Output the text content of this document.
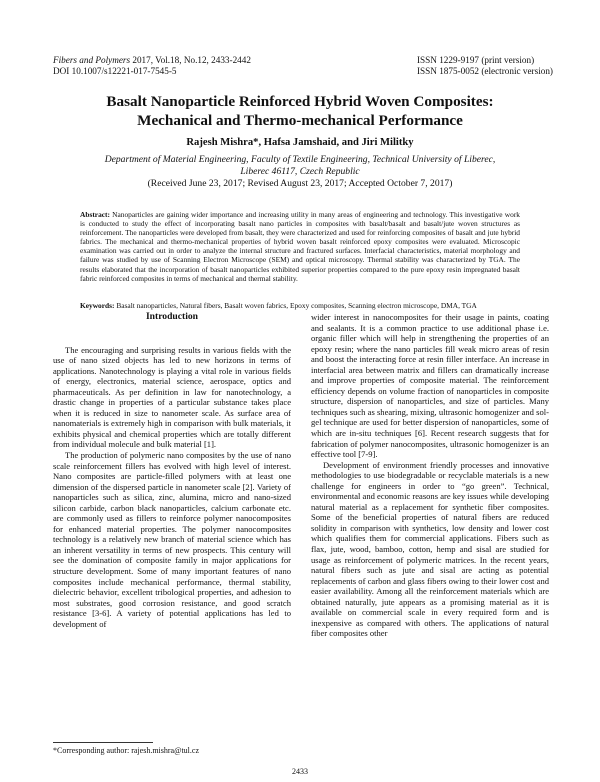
Fibers and Polymers 2017, Vol.18, No.12, 2433-2442
DOI 10.1007/s12221-017-7545-5
ISSN 1229-9197 (print version)
ISSN 1875-0052 (electronic version)
Basalt Nanoparticle Reinforced Hybrid Woven Composites:
Mechanical and Thermo-mechanical Performance
Rajesh Mishra*, Hafsa Jamshaid, and Jiri Militky
Department of Material Engineering, Faculty of Textile Engineering, Technical University of Liberec,
Liberec 46117, Czech Republic
(Received June 23, 2017; Revised August 23, 2017; Accepted October 7, 2017)
Abstract: Nanoparticles are gaining wider importance and increasing utility in many areas of engineering and technology. This investigative work is conducted to study the effect of incorporating basalt nano particles in composites with basalt/basalt and basalt/jute woven structures as reinforcement. The nanoparticles were developed from basalt, they were characterized and used for reinforcing composites of basalt and jute hybrid fabrics. The mechanical and thermo-mechanical properties of hybrid woven basalt reinforced epoxy composites were evaluated. Microscopic examination was carried out in order to analyze the internal structure and fractured surfaces. Interfacial characteristics, material morphology and failure was studied by use of Scanning Electron Microscope (SEM) and optical microscopy. Thermal stability was characterized by TGA. The results elaborated that the incorporation of basalt nanoparticles exhibited superior properties compared to the pure epoxy resin impregnated basalt fabric reinforced composites in terms of mechanical and thermal stability.
Keywords: Basalt nanoparticles, Natural fibers, Basalt woven fabrics, Epoxy composites, Scanning electron microscope, DMA, TGA
Introduction

The encouraging and surprising results in various fields with the use of nano sized objects has led to new horizons in terms of applications. Nanotechnology is playing a vital role in various fields of energy, electronics, material science, aerospace, optics and pharmaceuticals. As per definition in law for nanotechnology, a drastic change in properties of a particular substance takes place when it is reduced in size to nanometer scale. As surface area of nanomaterials is extremely high in comparison with bulk materials, it exhibits physical and chemical properties which are totally different from individual molecule and bulk material [1].

The production of polymeric nano composites by the use of nano scale reinforcement fillers has evolved with high level of interest. Nano composites are particle-filled polymers with at least one dimension of the dispersed particle in nanometer scale [2]. Variety of nanoparticles such as silica, zinc, alumina, micro and nano-sized silicon carbide, carbon black nanoparticles, calcium carbonate etc. are commonly used as fillers to reinforce polymer nanocomposites for enhanced material properties. The polymer nanocomposites technology is a relatively new branch of material science which has an inherent versatility in terms of new prospects. This century will see the domination of composite family in major applications for structure development. Some of many important features of nano composites include mechanical performance, thermal stability, dielectric behavior, excellent tribological properties, and adhesion to most substrates, good corrosion resistance, and good scratch resistance [3-6]. A variety of potential applications has led to development of

wider interest in nanocomposites for their usage in paints, coating and sealants. It is a common practice to use additional phase i.e. organic filler which will help in strengthening the properties of an epoxy resin; where the nano particles fill weak micro areas of resin and boost the interacting force at resin filler interface. An increase in interfacial area between matrix and fillers can dramatically increase and improve properties of composite material. The reinforcement efficiency depends on volume fraction of nanoparticles in composite structure, dispersion of nanoparticles, and size of particles. Many techniques such as shearing, mixing, ultrasonic homogenizer and sol-gel technique are used for better dispersion of nanoparticles, some of which are in-situ techniques [6]. Recent research suggests that for fabrication of polymer nanocomposites, ultrasonic homogenizer is an effective tool [7-9].

Development of environment friendly processes and innovative methodologies to use biodegradable or recyclable materials is a new challenge for engineers in order to “go green”. Technical, environmental and economic reasons are key issues while developing natural material as a replacement for synthetic fiber composites. Some of the beneficial properties of natural fibers are reduced solidity in comparison with synthetics, low density and lower cost which qualifies them for commercial applications. Fibers such as flax, jute, wood, bamboo, cotton, hemp and sisal are studied for usage as reinforcement of polymeric matrices. In the recent years, natural fibers such as jute and sisal are acting as potential replacements of carbon and glass fibers owing to their lower cost and easier availability. Among all the reinforcement materials which are obtained naturally, jute appears as a promising material as it is available on commercial scale in every required form and is inexpensive as compared with others. The applications of natural fiber composites other

*Corresponding author: rajesh.mishra@tul.cz
2433
